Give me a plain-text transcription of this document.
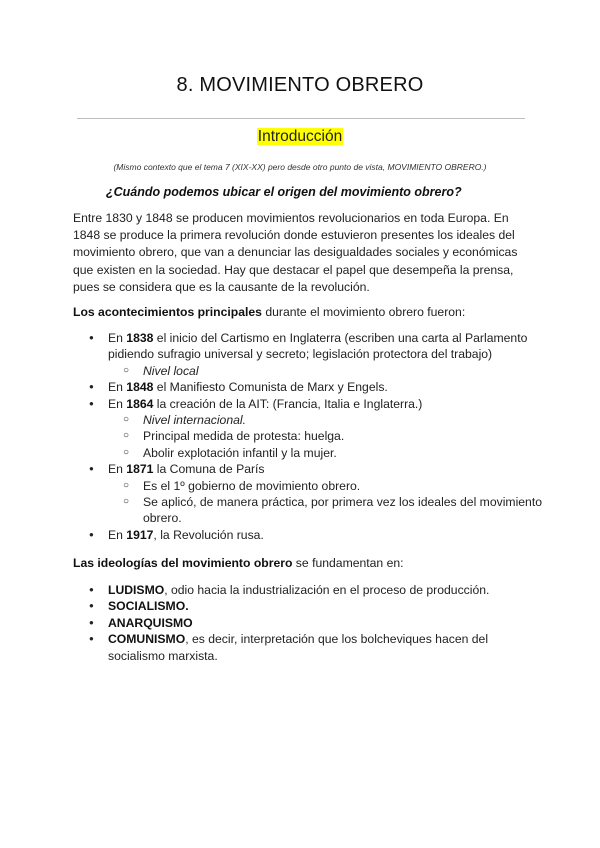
8. MOVIMIENTO OBRERO
Introducción
(Mismo contexto que el tema 7 (XIX-XX) pero desde otro punto de vista, MOVIMIENTO OBRERO.)
¿Cuándo podemos ubicar el origen del movimiento obrero?
Entre 1830 y 1848 se producen movimientos revolucionarios en toda Europa. En 1848 se produce la primera revolución donde estuvieron presentes los ideales del movimiento obrero, que van a denunciar las desigualdades sociales y económicas que existen en la sociedad. Hay que destacar el papel que desempeña la prensa, pues se considera que es la causante de la revolución.
Los acontecimientos principales durante el movimiento obrero fueron:
● En 1838 el inicio del Cartismo en Inglaterra (escriben una carta al Parlamento pidiendo sufragio universal y secreto; legislación protectora del trabajo)
○ Nivel local
● En 1848 el Manifiesto Comunista de Marx y Engels.
● En 1864 la creación de la AIT: (Francia, Italia e Inglaterra.)
○ Nivel internacional.
○ Principal medida de protesta: huelga.
○ Abolir explotación infantil y la mujer.
● En 1871 la Comuna de París
○ Es el 1º gobierno de movimiento obrero.
○ Se aplicó, de manera práctica, por primera vez los ideales del movimiento obrero.
● En 1917, la Revolución rusa.
Las ideologías del movimiento obrero se fundamentan en:
● LUDISMO, odio hacia la industrialización en el proceso de producción.
● SOCIALISMO.
● ANARQUISMO
● COMUNISMO, es decir, interpretación que los bolcheviques hacen del socialismo marxista.
